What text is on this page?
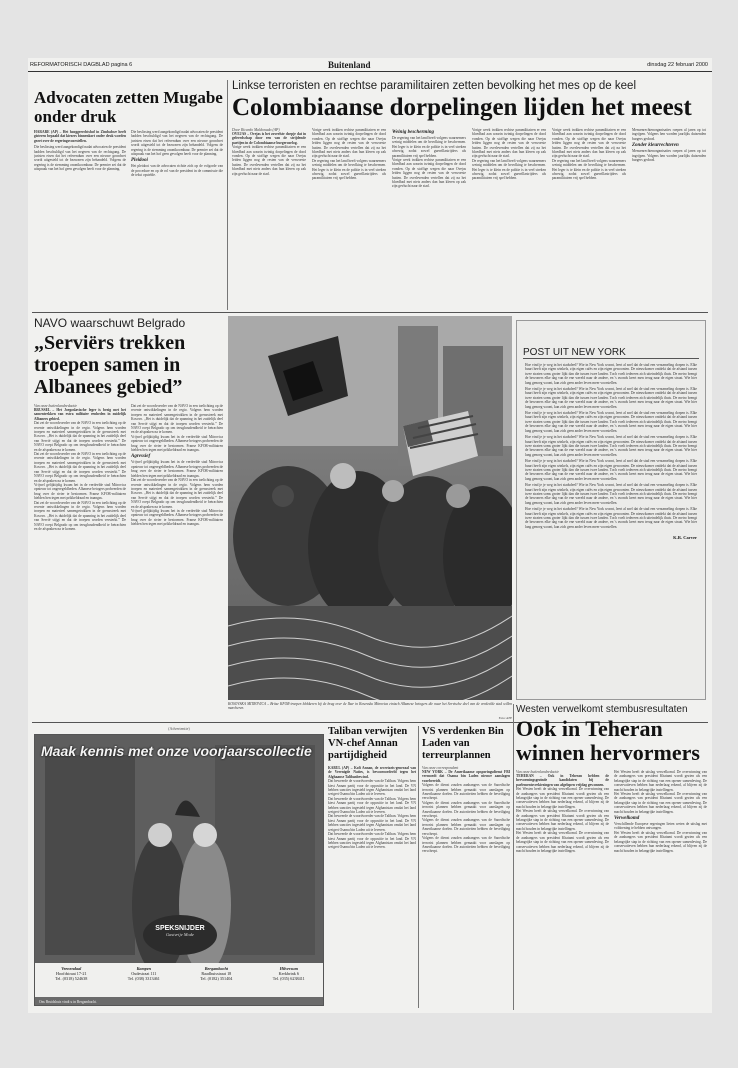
REFORMATORISCH DAGBLAD pagina 6	Buitenland	dinsdag 22 februari 2000
Advocaten zetten Mugabe onder druk
HARARE (AP) – Het hooggerechtshof in Zimbabwe heeft gisteren bepaald dat kiezers binnenkort onder druk worden gezet over de regeringsvoorstellen.
Die beslissing werd aangekondigd nadat advocaten de president hadden beschuldigd van het negeren van de rechtsgang. De juristen eisen dat het referendum over een nieuwe grondwet wordt uitgesteld tot de bezwaren zijn behandeld. Volgens de regering is de stemming onontkoombaar. De premier zei dat de uitspraak van het hof geen gevolgen heeft voor de planning.
Die beslissing werd aangekondigd nadat advocaten de president hadden beschuldigd van het negeren van de rechtsgang. De juristen eisen dat het referendum over een nieuwe grondwet wordt uitgesteld tot de bezwaren zijn behandeld. Volgens de regering is de stemming onontkoombaar. De premier zei dat de uitspraak van het hof geen gevolgen heeft voor de planning.
Pleidooi
Het pleidooi van de advocaten richtte zich op de volgorde van de procedure en op de rol van de president in de commissie die de tekst opstelde.
Linkse terroristen en rechtse paramilitairen zetten bevolking het mes op de keel
Colombiaanse dorpelingen lijden het meest
Door Ricardo Maldonado (AP)
OVEJAS – Ovejas is het zoveelste dorpje dat in geleerdschap door een van de strijdende partijen in de Colombiaanse burgeroorlog.
Vorige week trokken rechtse paramilitairen er een bloedbad aan waarin twintig dorpelingen de dood vonden. Op de stoffige wegen die naar Ovejas leiden liggen nog de resten van de verwoeste hutten. De overlevenden vertellen dat zij na het bloedbad met niets anders dan hun kleren op zak zijn gevlucht naar de stad.
Vorige week trokken rechtse paramilitairen er een bloedbad aan waarin twintig dorpelingen de dood vonden. Op de stoffige wegen die naar Ovejas leiden liggen nog de resten van de verwoeste hutten. De overlevenden vertellen dat zij na het bloedbad met niets anders dan hun kleren op zak zijn gevlucht naar de stad.
De regering van het land heeft volgens waarnemers weinig middelen om de bevolking te beschermen. Het leger is te klein en de politie is in veel streken afwezig, zodat zowel guerrillastrijders als paramilitairen vrij spel hebben.
Weinig bescherming
De regering van het land heeft volgens waarnemers weinig middelen om de bevolking te beschermen. Het leger is te klein en de politie is in veel streken afwezig, zodat zowel guerrillastrijders als paramilitairen vrij spel hebben.
Vorige week trokken rechtse paramilitairen er een bloedbad aan waarin twintig dorpelingen de dood vonden. Op de stoffige wegen die naar Ovejas leiden liggen nog de resten van de verwoeste hutten. De overlevenden vertellen dat zij na het bloedbad met niets anders dan hun kleren op zak zijn gevlucht naar de stad.
Vorige week trokken rechtse paramilitairen er een bloedbad aan waarin twintig dorpelingen de dood vonden. Op de stoffige wegen die naar Ovejas leiden liggen nog de resten van de verwoeste hutten. De overlevenden vertellen dat zij na het bloedbad met niets anders dan hun kleren op zak zijn gevlucht naar de stad.
De regering van het land heeft volgens waarnemers weinig middelen om de bevolking te beschermen. Het leger is te klein en de politie is in veel streken afwezig, zodat zowel guerrillastrijders als paramilitairen vrij spel hebben.
Vorige week trokken rechtse paramilitairen er een bloedbad aan waarin twintig dorpelingen de dood vonden. Op de stoffige wegen die naar Ovejas leiden liggen nog de resten van de verwoeste hutten. De overlevenden vertellen dat zij na het bloedbad met niets anders dan hun kleren op zak zijn gevlucht naar de stad.
De regering van het land heeft volgens waarnemers weinig middelen om de bevolking te beschermen. Het leger is te klein en de politie is in veel streken afwezig, zodat zowel guerrillastrijders als paramilitairen vrij spel hebben.
Mensenrechtenorganisaties roepen al jaren op tot ingrijpen. Volgens hen worden jaarlijks duizenden burgers gedood.
Zonder kleurrechteren
Mensenrechtenorganisaties roepen al jaren op tot ingrijpen. Volgens hen worden jaarlijks duizenden burgers gedood.
NAVO waarschuwt Belgrado
„Serviërs trekken troepen samen in Albanees gebied”
Van onze buitenlandredactie
BRUSSEL – Het Joegoslavische leger is bezig met het samentrekken van extra militaire eenheden in zuidelijk Albanees gebied.
Dat zei de woordvoerder van de NAVO in een toelichting op de recente ontwikkelingen in de regio. Volgens hem worden troepen en materieel samengetrokken in de grensstreek met Kosovo. „Het is duidelijk dat de spanning in het zuidelijk deel van Servië stijgt en dat de troepen worden versterkt.” De NAVO roept Belgrado op om terughoudendheid te betrachten en de afspraken na te komen.
Dat zei de woordvoerder van de NAVO in een toelichting op de recente ontwikkelingen in de regio. Volgens hem worden troepen en materieel samengetrokken in de grensstreek met Kosovo. „Het is duidelijk dat de spanning in het zuidelijk deel van Servië stijgt en dat de troepen worden versterkt.” De NAVO roept Belgrado op om terughoudendheid te betrachten en de afspraken na te komen.
Vrijwel gelijktijdig kwam het in de verdeelde stad Mitrovica opnieuw tot ongeregeldheden. Albanese betogers probeerden de brug over de rivier te bestormen. Franse KFOR-militairen hielden hen tegen met prikkeldraad en traangas.
Dat zei de woordvoerder van de NAVO in een toelichting op de recente ontwikkelingen in de regio. Volgens hem worden troepen en materieel samengetrokken in de grensstreek met Kosovo. „Het is duidelijk dat de spanning in het zuidelijk deel van Servië stijgt en dat de troepen worden versterkt.” De NAVO roept Belgrado op om terughoudendheid te betrachten en de afspraken na te komen.
Dat zei de woordvoerder van de NAVO in een toelichting op de recente ontwikkelingen in de regio. Volgens hem worden troepen en materieel samengetrokken in de grensstreek met Kosovo. „Het is duidelijk dat de spanning in het zuidelijk deel van Servië stijgt en dat de troepen worden versterkt.” De NAVO roept Belgrado op om terughoudendheid te betrachten en de afspraken na te komen.
Vrijwel gelijktijdig kwam het in de verdeelde stad Mitrovica opnieuw tot ongeregeldheden. Albanese betogers probeerden de brug over de rivier te bestormen. Franse KFOR-militairen hielden hen tegen met prikkeldraad en traangas.
Agressief
Vrijwel gelijktijdig kwam het in de verdeelde stad Mitrovica opnieuw tot ongeregeldheden. Albanese betogers probeerden de brug over de rivier te bestormen. Franse KFOR-militairen hielden hen tegen met prikkeldraad en traangas.
Dat zei de woordvoerder van de NAVO in een toelichting op de recente ontwikkelingen in de regio. Volgens hem worden troepen en materieel samengetrokken in de grensstreek met Kosovo. „Het is duidelijk dat de spanning in het zuidelijk deel van Servië stijgt en dat de troepen worden versterkt.” De NAVO roept Belgrado op om terughoudendheid te betrachten en de afspraken na te komen.
Vrijwel gelijktijdig kwam het in de verdeelde stad Mitrovica opnieuw tot ongeregeldheden. Albanese betogers probeerden de brug over de rivier te bestormen. Franse KFOR-militairen hielden hen tegen met prikkeldraad en traangas.
KOSOVSKA MITROVICA – Britse KFOR-troepen blokkeren bij de brug over de Ibar in Kosovska Mitrovica etnisch Albanese betogers die naar het Servische deel van de verdeelde stad willen marcheren.
Foto: AFP
POST UIT NEW YORK
Hoe vind je je weg in het stadsdeel? Wie in New York woont, leert al snel dat de stad een verzameling dorpen is. Elke buurt heeft zijn eigen winkels, zijn eigen cafés en zijn eigen gewoonten. De nieuwkomer ontdekt dat de afstand tussen twee straten soms groter lijkt dan die tussen twee landen. Toch voelt iedereen zich uiteindelijk thuis. De metro brengt de bewoners elke dag van de ene wereld naar de andere, en 's avonds keert men terug naar de eigen straat. Wie hier lang genoeg woont, kan zich geen ander leven meer voorstellen.
Hoe vind je je weg in het stadsdeel? Wie in New York woont, leert al snel dat de stad een verzameling dorpen is. Elke buurt heeft zijn eigen winkels, zijn eigen cafés en zijn eigen gewoonten. De nieuwkomer ontdekt dat de afstand tussen twee straten soms groter lijkt dan die tussen twee landen. Toch voelt iedereen zich uiteindelijk thuis. De metro brengt de bewoners elke dag van de ene wereld naar de andere, en 's avonds keert men terug naar de eigen straat. Wie hier lang genoeg woont, kan zich geen ander leven meer voorstellen.
Hoe vind je je weg in het stadsdeel? Wie in New York woont, leert al snel dat de stad een verzameling dorpen is. Elke buurt heeft zijn eigen winkels, zijn eigen cafés en zijn eigen gewoonten. De nieuwkomer ontdekt dat de afstand tussen twee straten soms groter lijkt dan die tussen twee landen. Toch voelt iedereen zich uiteindelijk thuis. De metro brengt de bewoners elke dag van de ene wereld naar de andere, en 's avonds keert men terug naar de eigen straat. Wie hier lang genoeg woont, kan zich geen ander leven meer voorstellen.
Hoe vind je je weg in het stadsdeel? Wie in New York woont, leert al snel dat de stad een verzameling dorpen is. Elke buurt heeft zijn eigen winkels, zijn eigen cafés en zijn eigen gewoonten. De nieuwkomer ontdekt dat de afstand tussen twee straten soms groter lijkt dan die tussen twee landen. Toch voelt iedereen zich uiteindelijk thuis. De metro brengt de bewoners elke dag van de ene wereld naar de andere, en 's avonds keert men terug naar de eigen straat. Wie hier lang genoeg woont, kan zich geen ander leven meer voorstellen.
Hoe vind je je weg in het stadsdeel? Wie in New York woont, leert al snel dat de stad een verzameling dorpen is. Elke buurt heeft zijn eigen winkels, zijn eigen cafés en zijn eigen gewoonten. De nieuwkomer ontdekt dat de afstand tussen twee straten soms groter lijkt dan die tussen twee landen. Toch voelt iedereen zich uiteindelijk thuis. De metro brengt de bewoners elke dag van de ene wereld naar de andere, en 's avonds keert men terug naar de eigen straat. Wie hier lang genoeg woont, kan zich geen ander leven meer voorstellen.
Hoe vind je je weg in het stadsdeel? Wie in New York woont, leert al snel dat de stad een verzameling dorpen is. Elke buurt heeft zijn eigen winkels, zijn eigen cafés en zijn eigen gewoonten. De nieuwkomer ontdekt dat de afstand tussen twee straten soms groter lijkt dan die tussen twee landen. Toch voelt iedereen zich uiteindelijk thuis. De metro brengt de bewoners elke dag van de ene wereld naar de andere, en 's avonds keert men terug naar de eigen straat. Wie hier lang genoeg woont, kan zich geen ander leven meer voorstellen.
Hoe vind je je weg in het stadsdeel? Wie in New York woont, leert al snel dat de stad een verzameling dorpen is. Elke buurt heeft zijn eigen winkels, zijn eigen cafés en zijn eigen gewoonten. De nieuwkomer ontdekt dat de afstand tussen twee straten soms groter lijkt dan die tussen twee landen. Toch voelt iedereen zich uiteindelijk thuis. De metro brengt de bewoners elke dag van de ene wereld naar de andere, en 's avonds keert men terug naar de eigen straat. Wie hier lang genoeg woont, kan zich geen ander leven meer voorstellen.
K.R. Carver
Westen verwelkomt stembusresultaten
Ook in Teheran winnen hervormers
Van onze buitenlandredactie
TEHERAN – Ook in Teheran hebben de hervormingsgezinde kandidaten bij de parlementsverkiezingen van afgelopen vrijdag gewonnen.
Het Westen heeft de uitslag verwelkomd. De overwinning van de aanhangers van president Khatami wordt gezien als een belangrijke stap in de richting van een opener samenleving. De conservatieven hebben hun nederlaag erkend, al blijven zij de macht houden in belangrijke instellingen.
Het Westen heeft de uitslag verwelkomd. De overwinning van de aanhangers van president Khatami wordt gezien als een belangrijke stap in de richting van een opener samenleving. De conservatieven hebben hun nederlaag erkend, al blijven zij de macht houden in belangrijke instellingen.
Het Westen heeft de uitslag verwelkomd. De overwinning van de aanhangers van president Khatami wordt gezien als een belangrijke stap in de richting van een opener samenleving. De conservatieven hebben hun nederlaag erkend, al blijven zij de macht houden in belangrijke instellingen.
Het Westen heeft de uitslag verwelkomd. De overwinning van de aanhangers van president Khatami wordt gezien als een belangrijke stap in de richting van een opener samenleving. De conservatieven hebben hun nederlaag erkend, al blijven zij de macht houden in belangrijke instellingen.
Het Westen heeft de uitslag verwelkomd. De overwinning van de aanhangers van president Khatami wordt gezien als een belangrijke stap in de richting van een opener samenleving. De conservatieven hebben hun nederlaag erkend, al blijven zij de macht houden in belangrijke instellingen.
Verwelkomd
Verschillende Europese regeringen lieten weten de uitslag met voldoening te hebben ontvangen.
Het Westen heeft de uitslag verwelkomd. De overwinning van de aanhangers van president Khatami wordt gezien als een belangrijke stap in de richting van een opener samenleving. De conservatieven hebben hun nederlaag erkend, al blijven zij de macht houden in belangrijke instellingen.
(Advertentie)
Maak kennis met onze voorjaarscollectie
SPEKSNIJDER
Gastvrije Mode
Veenendaal
Hoofdstraat 17-21
Tel. (0318) 524638
Kampen
Oudestraat 111
Tel. (038) 3313461
Bergambacht
Raadhuisstraat 18
Tel. (0182) 351404
Hilversum
Kerkbrink 6
Tel. (035) 6238411
Ons Bruidshuis vindt u in Bergambacht.
Taliban verwijten VN-chef Annan partijdigheid
KABUL (AP) – Kofi Annan, de secretaris-generaal van de Verenigde Naties, is bevooroordeeld tegen het Afghaanse Talibanbewind.
Dat beweerde de woordvoerder van de Taliban. Volgens hem kiest Annan partij voor de oppositie in het land. De VN hebben sancties ingesteld tegen Afghanistan omdat het land weigert Osama bin Laden uit te leveren.
Dat beweerde de woordvoerder van de Taliban. Volgens hem kiest Annan partij voor de oppositie in het land. De VN hebben sancties ingesteld tegen Afghanistan omdat het land weigert Osama bin Laden uit te leveren.
Dat beweerde de woordvoerder van de Taliban. Volgens hem kiest Annan partij voor de oppositie in het land. De VN hebben sancties ingesteld tegen Afghanistan omdat het land weigert Osama bin Laden uit te leveren.
Dat beweerde de woordvoerder van de Taliban. Volgens hem kiest Annan partij voor de oppositie in het land. De VN hebben sancties ingesteld tegen Afghanistan omdat het land weigert Osama bin Laden uit te leveren.
VS verdenken Bin Laden van terreurplannen
Van onze correspondent
NEW YORK – De Amerikaanse opsporingsdienst FBI vermoedt dat Osama bin Laden nieuwe aanslagen voorbereidt.
Volgens de dienst zouden aanhangers van de Saoedische terrorist plannen hebben gemaakt voor aanslagen op Amerikaanse doelen. De autoriteiten hebben de beveiliging verscherpt.
Volgens de dienst zouden aanhangers van de Saoedische terrorist plannen hebben gemaakt voor aanslagen op Amerikaanse doelen. De autoriteiten hebben de beveiliging verscherpt.
Volgens de dienst zouden aanhangers van de Saoedische terrorist plannen hebben gemaakt voor aanslagen op Amerikaanse doelen. De autoriteiten hebben de beveiliging verscherpt.
Volgens de dienst zouden aanhangers van de Saoedische terrorist plannen hebben gemaakt voor aanslagen op Amerikaanse doelen. De autoriteiten hebben de beveiliging verscherpt.
